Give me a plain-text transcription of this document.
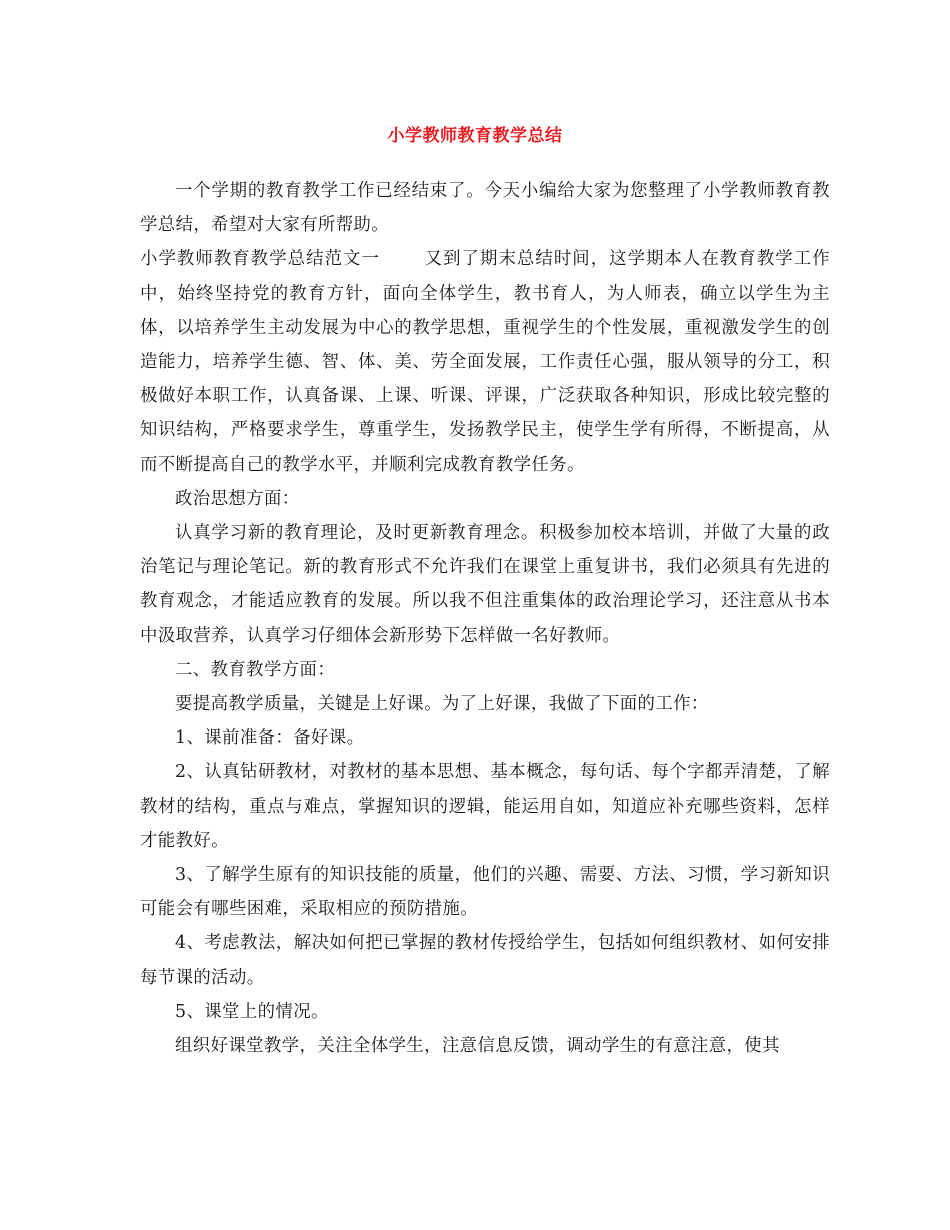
小学教师教育教学总结

一个学期的教育教学工作已经结束了。今天小编给大家为您整理了小学教师教育教学总结，希望对大家有所帮助。

小学教师教育教学总结范文一	又到了期末总结时间，这学期本人在教育教学工作中，始终坚持党的教育方针，面向全体学生，教书育人，为人师表，确立以学生为主体，以培养学生主动发展为中心的教学思想，重视学生的个性发展，重视激发学生的创造能力，培养学生德、智、体、美、劳全面发展，工作责任心强，服从领导的分工，积极做好本职工作，认真备课、上课、听课、评课，广泛获取各种知识，形成比较完整的知识结构，严格要求学生，尊重学生，发扬教学民主，使学生学有所得，不断提高，从而不断提高自己的教学水平，并顺利完成教育教学任务。

政治思想方面：

认真学习新的教育理论，及时更新教育理念。积极参加校本培训，并做了大量的政治笔记与理论笔记。新的教育形式不允许我们在课堂上重复讲书，我们必须具有先进的教育观念，才能适应教育的发展。所以我不但注重集体的政治理论学习，还注意从书本中汲取营养，认真学习仔细体会新形势下怎样做一名好教师。

二、教育教学方面：

要提高教学质量，关键是上好课。为了上好课，我做了下面的工作：

1、课前准备：备好课。

2、认真钻研教材，对教材的基本思想、基本概念，每句话、每个字都弄清楚，了解教材的结构，重点与难点，掌握知识的逻辑，能运用自如，知道应补充哪些资料，怎样才能教好。

3、了解学生原有的知识技能的质量，他们的兴趣、需要、方法、习惯，学习新知识可能会有哪些困难，采取相应的预防措施。

4、考虑教法，解决如何把已掌握的教材传授给学生，包括如何组织教材、如何安排每节课的活动。

5、课堂上的情况。

组织好课堂教学，关注全体学生，注意信息反馈，调动学生的有意注意，使其
